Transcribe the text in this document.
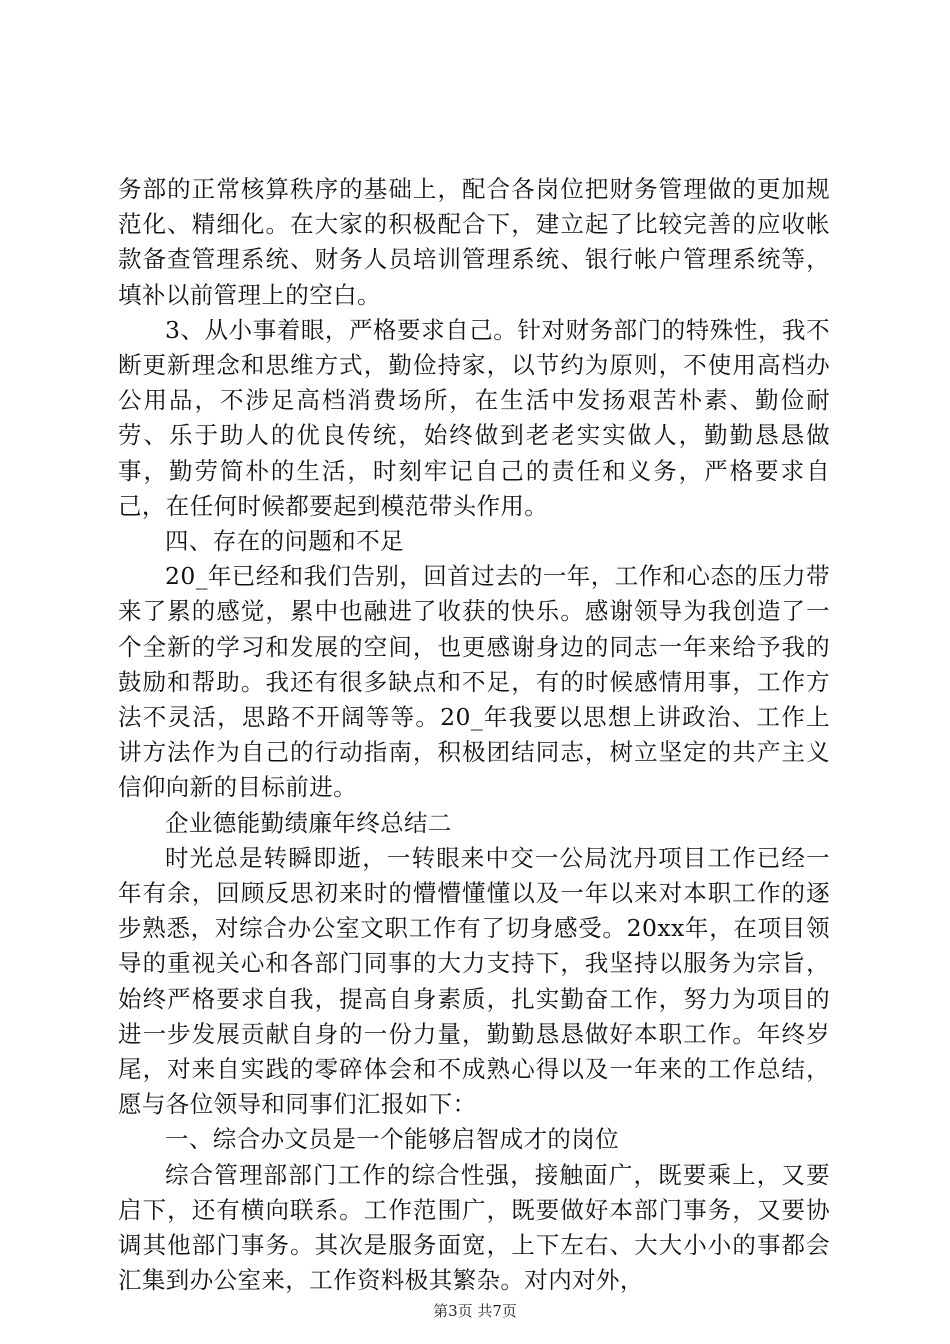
务部的正常核算秩序的基础上，配合各岗位把财务管理做的更加规范化、精细化。在大家的积极配合下，建立起了比较完善的应收帐款备查管理系统、财务人员培训管理系统、银行帐户管理系统等，填补以前管理上的空白。

3、从小事着眼，严格要求自己。针对财务部门的特殊性，我不断更新理念和思维方式，勤俭持家，以节约为原则，不使用高档办公用品，不涉足高档消费场所，在生活中发扬艰苦朴素、勤俭耐劳、乐于助人的优良传统，始终做到老老实实做人，勤勤恳恳做事，勤劳简朴的生活，时刻牢记自己的责任和义务，严格要求自己，在任何时候都要起到模范带头作用。

四、存在的问题和不足

20_年已经和我们告别，回首过去的一年，工作和心态的压力带来了累的感觉，累中也融进了收获的快乐。感谢领导为我创造了一个全新的学习和发展的空间，也更感谢身边的同志一年来给予我的鼓励和帮助。我还有很多缺点和不足，有的时候感情用事，工作方法不灵活，思路不开阔等等。20_年我要以思想上讲政治、工作上讲方法作为自己的行动指南，积极团结同志，树立坚定的共产主义信仰向新的目标前进。

企业德能勤绩廉年终总结二

时光总是转瞬即逝，一转眼来中交一公局沈丹项目工作已经一年有余，回顾反思初来时的懵懵懂懂以及一年以来对本职工作的逐步熟悉，对综合办公室文职工作有了切身感受。20xx年，在项目领导的重视关心和各部门同事的大力支持下，我坚持以服务为宗旨，始终严格要求自我，提高自身素质，扎实勤奋工作，努力为项目的进一步发展贡献自身的一份力量，勤勤恳恳做好本职工作。年终岁尾，对来自实践的零碎体会和不成熟心得以及一年来的工作总结，愿与各位领导和同事们汇报如下：

一、综合办文员是一个能够启智成才的岗位

综合管理部部门工作的综合性强，接触面广，既要乘上，又要启下，还有横向联系。工作范围广，既要做好本部门事务，又要协调其他部门事务。其次是服务面宽，上下左右、大大小小的事都会汇集到办公室来，工作资料极其繁杂。对内对外，

第3页 共7页
